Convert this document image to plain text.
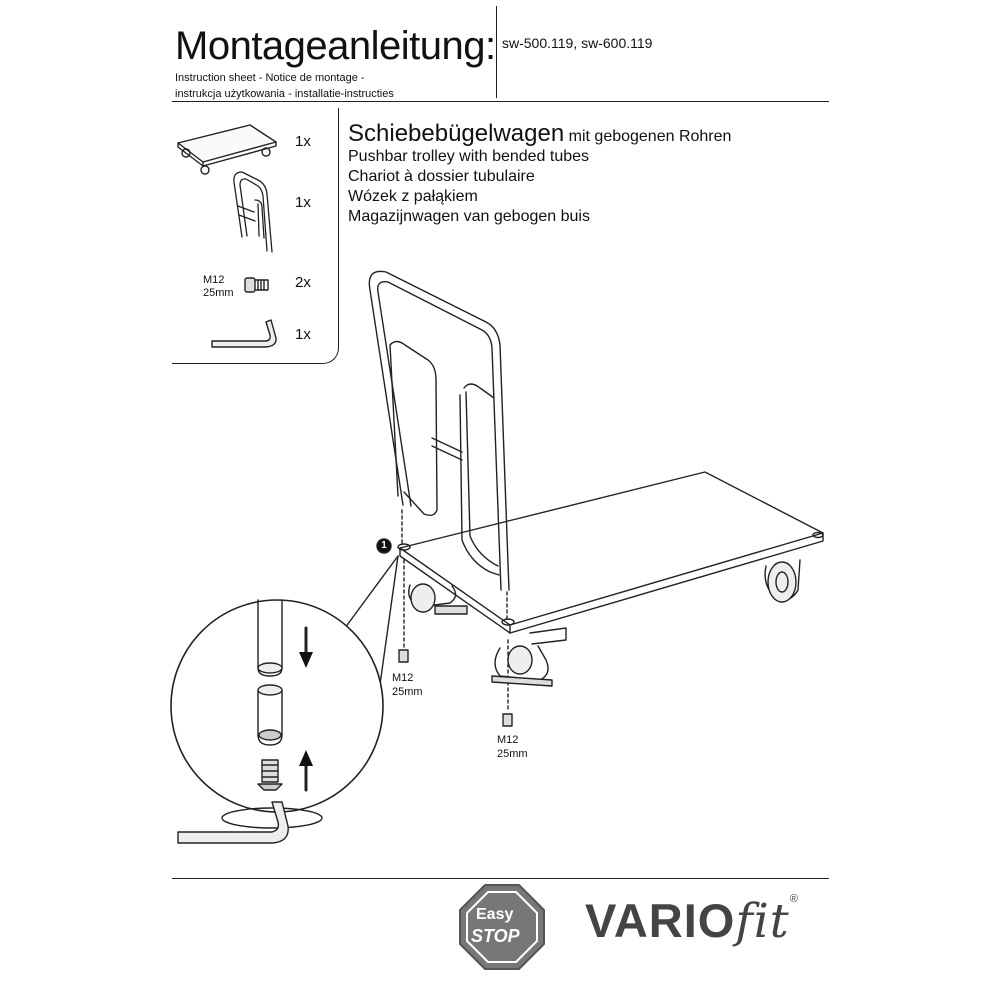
Montageanleitung: sw-500.119, sw-600.119
Instruction sheet - Notice de montage -
instrukcja użytkowania - installatie-instructies
1x
1x
2x
1x
M12
25mm
Schiebebügelwagen mit gebogenen Rohren
Pushbar trolley with bended tubes
Chariot à dossier tubulaire
Wózek z pałąkiem
Magazijnwagen van gebogen buis
1
M12
25mm
M12
25mm
Easy
STOP VARIOfit®
